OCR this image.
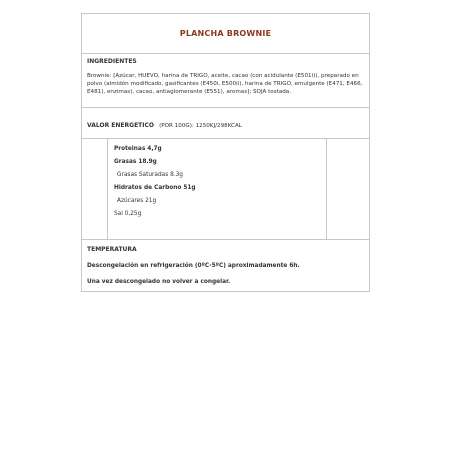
PLANCHA BROWNIE
INGREDIENTES
Brownie: [Azúcar, HUEVO, harina de TRIGO, aceite, cacao (con acidulante (E501i)), preparado en polvo (almidón modificado, gasificantes (E450i, E500ii), harina de TRIGO, emulgente (E471, E466, E481), enzimas), cacao, antiaglomerante (E551), aromas]; SOJA tostada.
VALOR ENERGETICO (POR 100G): 1250KJ/298KCAL
Proteinas 4,7g
Grasas 18.9g
Grasas Saturadas 8.3g
Hidratos de Carbono 51g
Azúcares 21g
Sal 0,25g
TEMPERATURA
Descongelación en refrigeración (0ºC-5ºC) aproximadamente 6h.
Una vez descongelado no volver a congelar.
